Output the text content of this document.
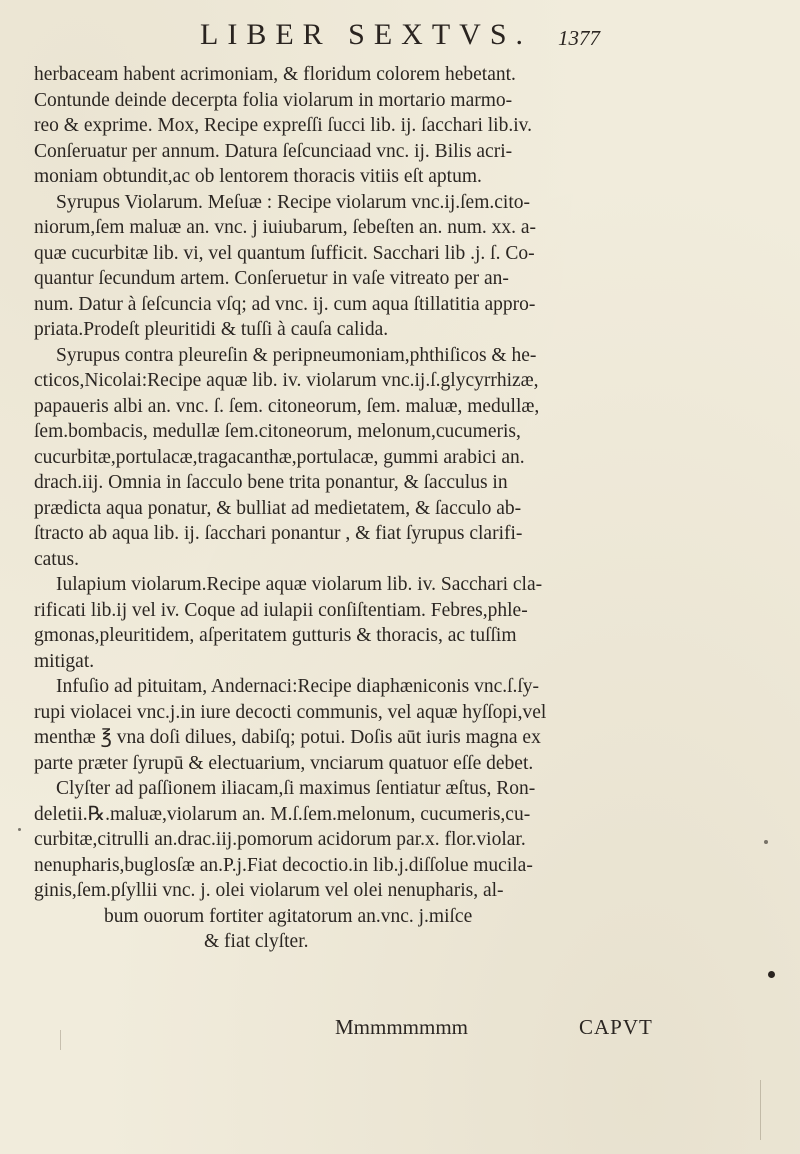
LIBER SEXTVS. 1377
herbaceam habent acrimoniam, & floridum colorem hebetant.
Contunde deinde decerpta folia violarum in mortario marmo-
reo & exprime. Mox, Recipe expreſſi ſucci lib. ij. ſacchari lib.iv.
Conſeruatur per annum. Datura ſeſcunciaad vnc. ij. Bilis acri-
moniam obtundit,ac ob lentorem thoracis vitiis eſt aptum.
Syrupus Violarum. Meſuæ : Recipe violarum vnc.ij.ſem.cito-
niorum,ſem maluæ an. vnc. j iuiubarum, ſebeſten an. num. xx. a-
quæ cucurbitæ lib. vi, vel quantum ſufficit. Sacchari lib .j. ſ. Co-
quantur ſecundum artem. Conſeruetur in vaſe vitreato per an-
num. Datur à ſeſcuncia vſq; ad vnc. ij. cum aqua ſtillatitia appro-
priata.Prodeſt pleuritidi & tuſſi à cauſa calida.
Syrupus contra pleureſin & peripneumoniam,phthiſicos & he-
cticos,Nicolai:Recipe aquæ lib. iv. violarum vnc.ij.ſ.glycyrrhizæ,
papaueris albi an. vnc. ſ. ſem. citoneorum, ſem. maluæ, medullæ,
ſem.bombacis, medullæ ſem.citoneorum, melonum,cucumeris,
cucurbitæ,portulacæ,tragacanthæ,portulacæ, gummi arabici an.
drach.iij. Omnia in ſacculo bene trita ponantur, & ſacculus in
prædicta aqua ponatur, & bulliat ad medietatem, & ſacculo ab-
ſtracto ab aqua lib. ij. ſacchari ponantur , & fiat ſyrupus clarifi-
catus.
Iulapium violarum.Recipe aquæ violarum lib. iv. Sacchari cla-
rificati lib.ij vel iv. Coque ad iulapii conſiſtentiam. Febres,phle-
gmonas,pleuritidem, aſperitatem gutturis & thoracis, ac tuſſim
mitigat.
Infuſio ad pituitam, Andernaci:Recipe diaphæniconis vnc.ſ.ſy-
rupi violacei vnc.j.in iure decocti communis, vel aquæ hyſſopi,vel
menthæ ℥ vna doſi dilues, dabiſq; potui. Doſis aūt iuris magna ex
parte præter ſyrupū & electuarium, vnciarum quatuor eſſe debet.
Clyſter ad paſſionem iliacam,ſi maximus ſentiatur æſtus, Ron-
deletii.℞.maluæ,violarum an. M.ſ.ſem.melonum, cucumeris,cu-
curbitæ,citrulli an.drac.iij.pomorum acidorum par.x. flor.violar.
nenupharis,buglosſæ an.P.j.Fiat decoctio.in lib.j.diſſolue mucila-
ginis,ſem.pſyllii vnc. j. olei violarum vel olei nenupharis, al-
bum ouorum fortiter agitatorum an.vnc. j.miſce
& fiat clyſter.
Mmmmmmmm	CAPVT
